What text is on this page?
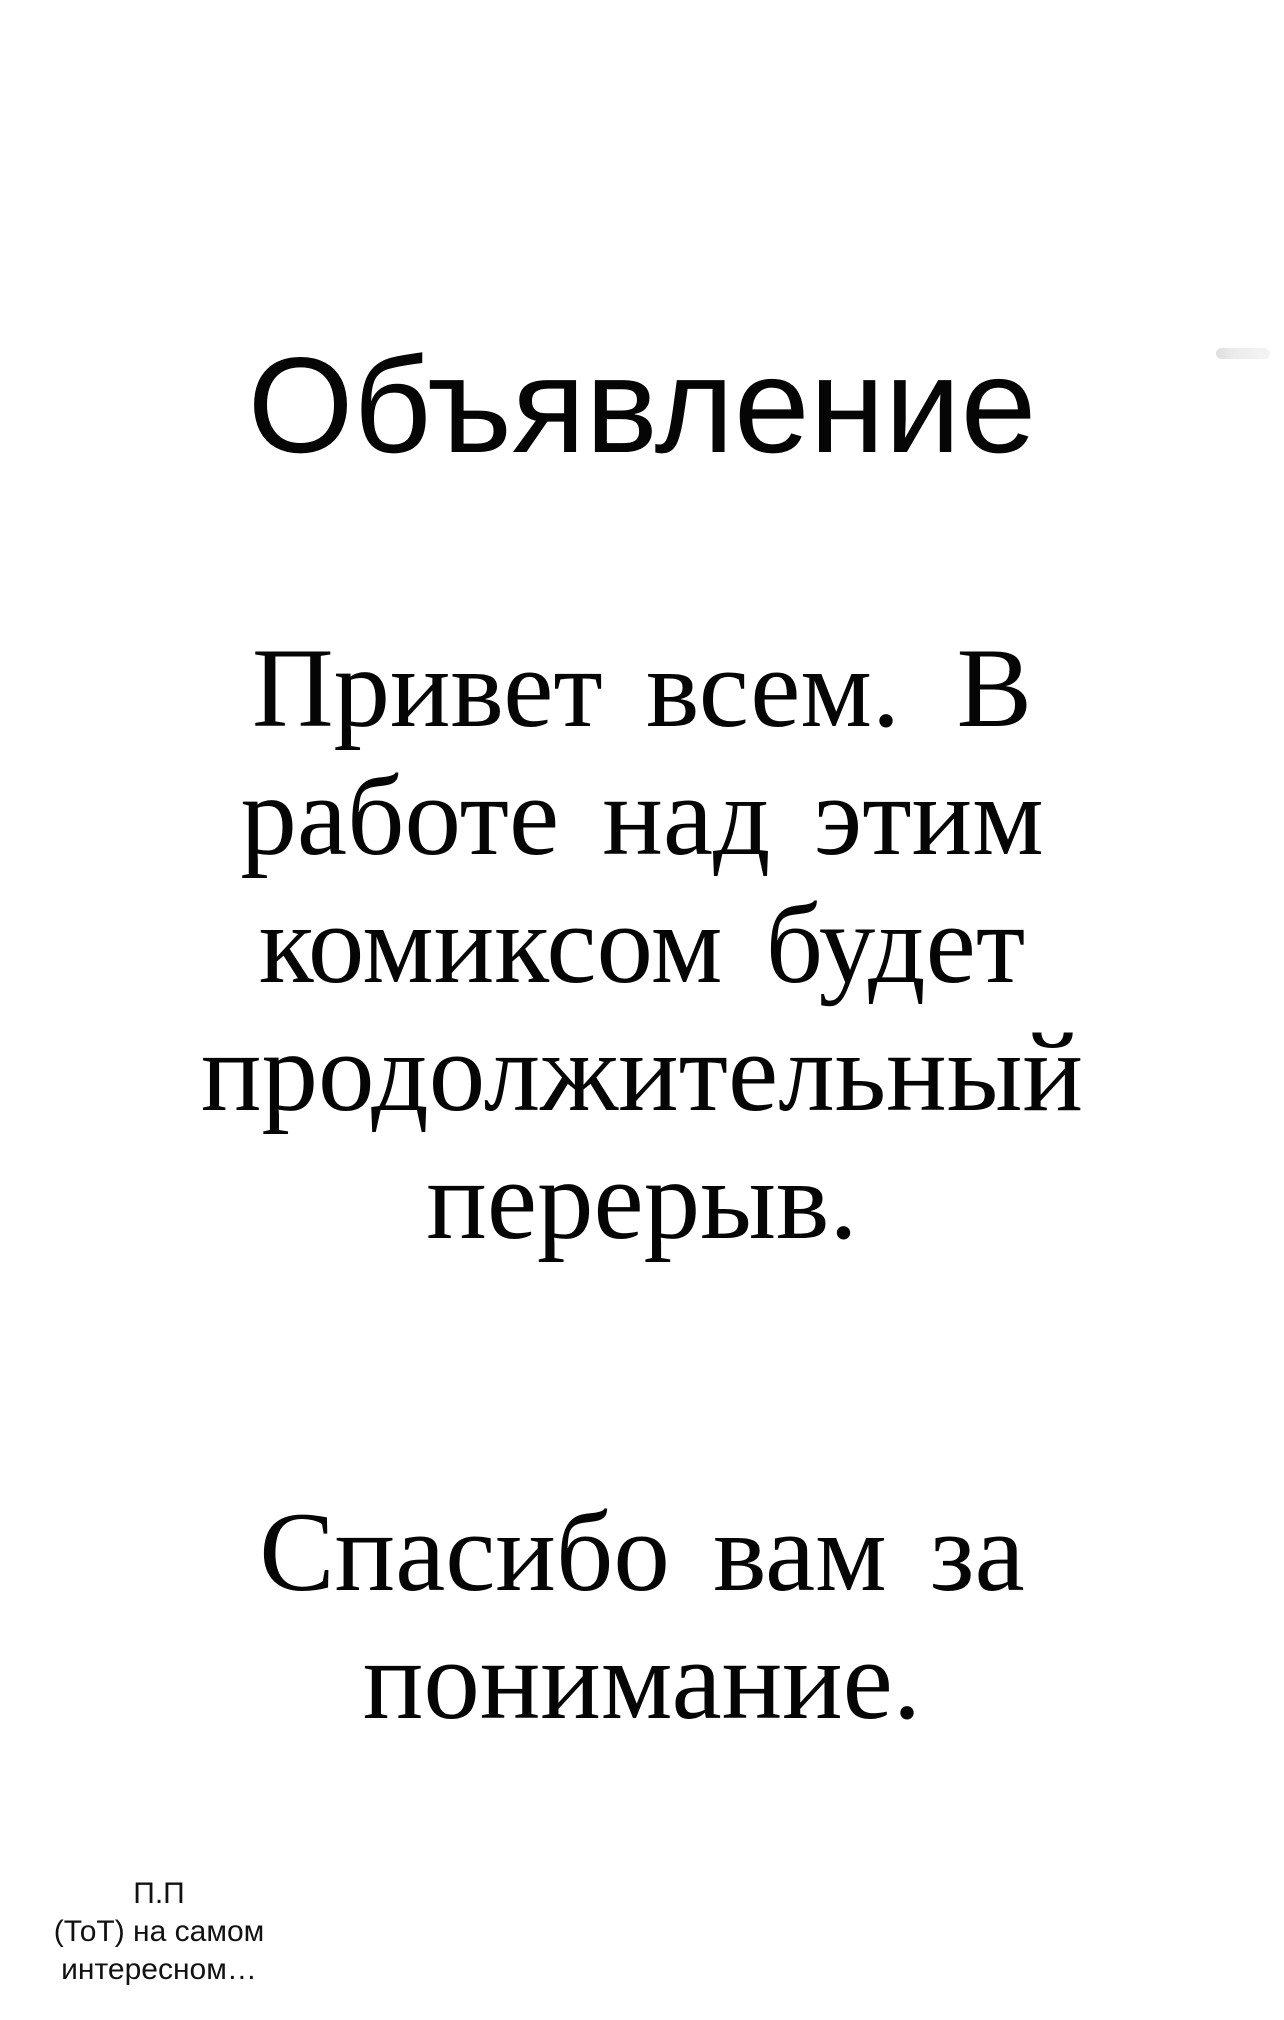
Объявление
Привет всем. В
работе над этим
комиксом будет
продолжительный
перерыв.
Спасибо вам за
понимание.
П.П
(ТоТ) на самом
интересном…
